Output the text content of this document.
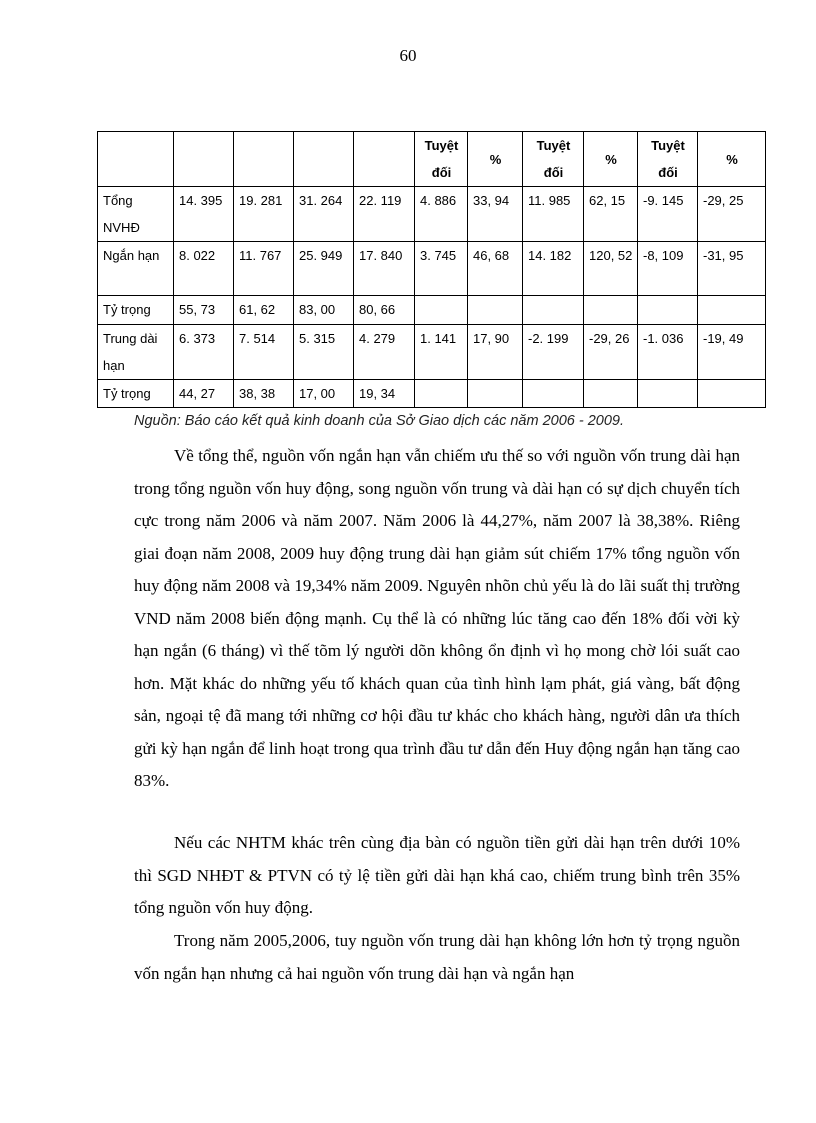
60
					Tuyệt đối	%	Tuyệt đối	%	Tuyệt đối	%
Tổng NVHĐ	14. 395	19. 281	31. 264	22. 119	4. 886	33, 94	11. 985	62, 15	-9. 145	-29, 25
Ngắn hạn	8. 022	11. 767	25. 949	17. 840	3. 745	46, 68	14. 182	120, 52	-8, 109	-31, 95
Tỷ trọng	55, 73	61, 62	83, 00	80, 66						
Trung dài hạn	6. 373	7. 514	5. 315	4. 279	1. 141	17, 90	-2. 199	-29, 26	-1. 036	-19, 49
Tỷ trọng	44, 27	38, 38	17, 00	19, 34						
Nguồn: Báo cáo kết quả kinh doanh của Sở Giao dịch các năm 2006 - 2009.

Về tổng thể, nguồn vốn ngắn hạn vẫn chiếm ưu thế so với nguồn vốn trung dài hạn trong tổng nguồn vốn huy động, song nguồn vốn trung và dài hạn có sự dịch chuyển tích cực trong năm 2006 và năm 2007. Năm 2006 là 44,27%, năm 2007 là 38,38%. Riêng giai đoạn năm 2008, 2009 huy động trung dài hạn giảm sút chiếm 17% tổng nguồn vốn huy động năm 2008 và 19,34% năm 2009. Nguyên nhõn chủ yếu là do lãi suất thị trường VND năm 2008 biến động mạnh. Cụ thể là có những lúc tăng cao đến 18% đối vời kỳ hạn ngắn (6 tháng) vì thế tõm lý người dõn không ổn định vì họ mong chờ lói suất cao hơn. Mặt khác do những yếu tố khách quan của tình hình lạm phát, giá vàng, bất động sản, ngoại tệ đã mang tới những cơ hội đầu tư khác cho khách hàng, người dân ưa thích gửi kỳ hạn ngắn để linh hoạt trong qua trình đầu tư dẫn đến Huy động ngắn hạn tăng cao 83%.

Nếu các NHTM khác trên cùng địa bàn có nguồn tiền gửi dài hạn trên dưới 10% thì SGD NHĐT & PTVN có tỷ lệ tiền gửi dài hạn khá cao, chiếm trung bình trên 35% tổng nguồn vốn huy động.

Trong năm 2005,2006, tuy nguồn vốn trung dài hạn không lớn hơn tỷ trọng nguồn vốn ngắn hạn nhưng cả hai nguồn vốn trung dài hạn và ngắn hạn
